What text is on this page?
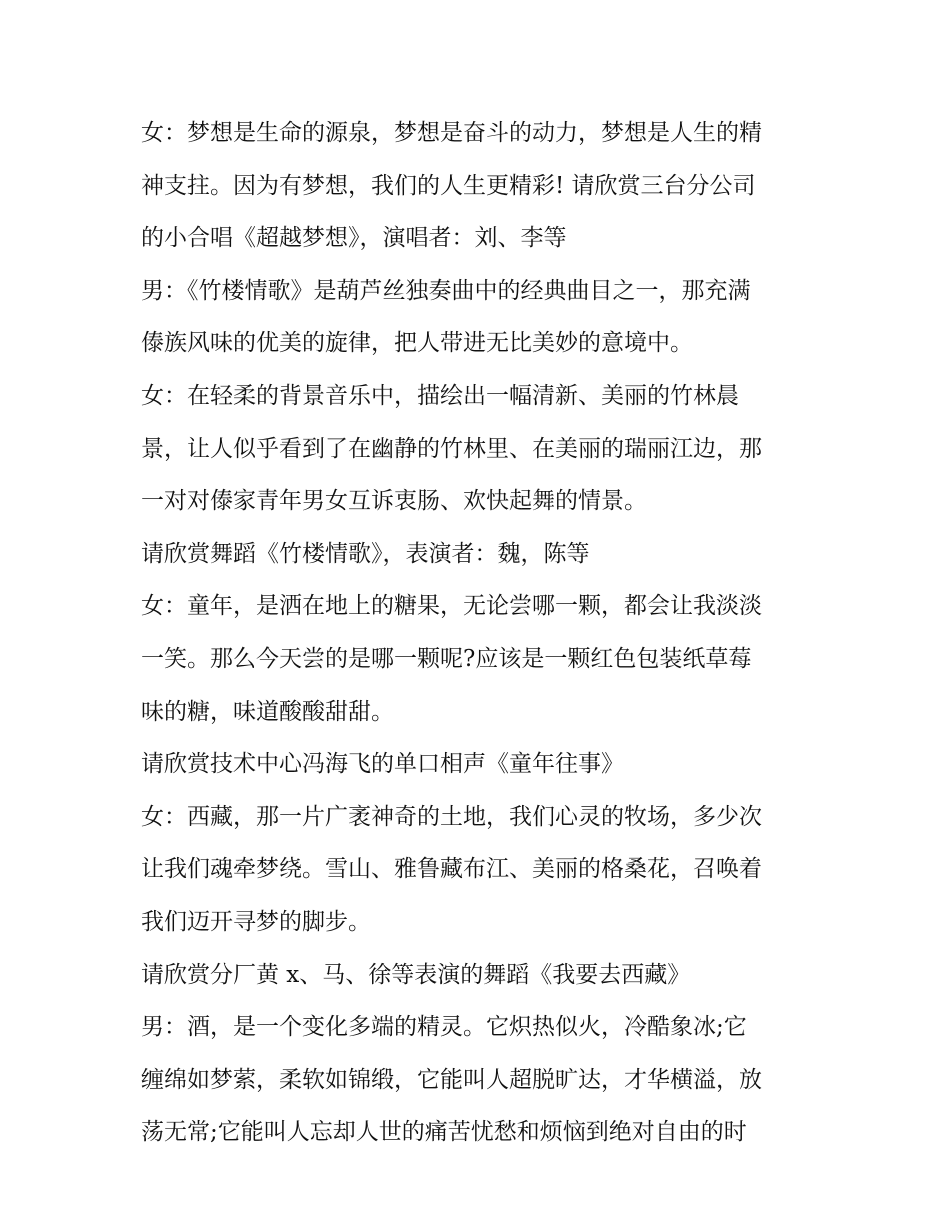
女：梦想是生命的源泉，梦想是奋斗的动力，梦想是人生的精
神支拄。因为有梦想，我们的人生更精彩! 请欣赏三台分公司
的小合唱《超越梦想》，演唱者：刘、李等
男：《竹楼情歌》是葫芦丝独奏曲中的经典曲目之一，那充满
傣族风味的优美的旋律，把人带进无比美妙的意境中。
女：在轻柔的背景音乐中，描绘出一幅清新、美丽的竹林晨
景，让人似乎看到了在幽静的竹林里、在美丽的瑞丽江边，那
一对对傣家青年男女互诉衷肠、欢快起舞的情景。
请欣赏舞蹈《竹楼情歌》，表演者：魏，陈等
女：童年，是洒在地上的糖果，无论尝哪一颗，都会让我淡淡
一笑。那么今天尝的是哪一颗呢?应该是一颗红色包装纸草莓
味的糖，味道酸酸甜甜。
请欣赏技术中心冯海飞的单口相声《童年往事》
女：西藏，那一片广袤神奇的土地，我们心灵的牧场，多少次
让我们魂牵梦绕。雪山、雅鲁藏布江、美丽的格桑花，召唤着
我们迈开寻梦的脚步。
请欣赏分厂黄 x、马、徐等表演的舞蹈《我要去西藏》
男：酒，是一个变化多端的精灵。它炽热似火，冷酷象冰;它
缠绵如梦萦，柔软如锦缎，它能叫人超脱旷达，才华横溢，放
荡无常;它能叫人忘却人世的痛苦忧愁和烦恼到绝对自由的时
